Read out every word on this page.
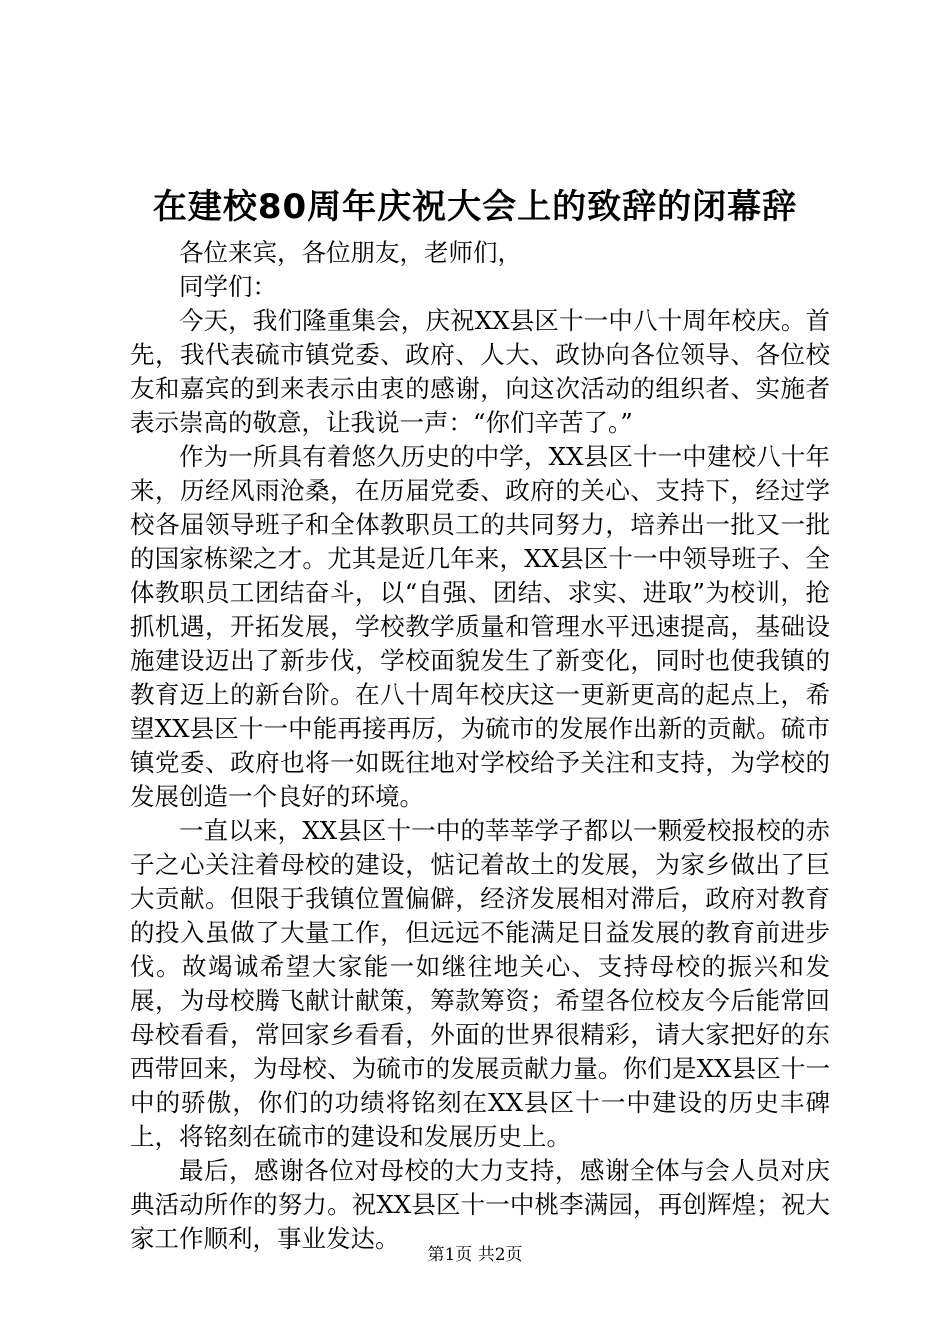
在建校80周年庆祝大会上的致辞的闭幕辞

各位来宾，各位朋友，老师们，

同学们：

今天，我们隆重集会，庆祝XX县区十一中八十周年校庆。首先，我代表硫市镇党委、政府、人大、政协向各位领导、各位校友和嘉宾的到来表示由衷的感谢，向这次活动的组织者、实施者表示崇高的敬意，让我说一声：“你们辛苦了。”

作为一所具有着悠久历史的中学，XX县区十一中建校八十年来，历经风雨沧桑，在历届党委、政府的关心、支持下，经过学校各届领导班子和全体教职员工的共同努力，培养出一批又一批的国家栋梁之才。尤其是近几年来，XX县区十一中领导班子、全体教职员工团结奋斗，以“自强、团结、求实、进取”为校训，抢抓机遇，开拓发展，学校教学质量和管理水平迅速提高，基础设施建设迈出了新步伐，学校面貌发生了新变化，同时也使我镇的教育迈上的新台阶。在八十周年校庆这一更新更高的起点上，希望XX县区十一中能再接再厉，为硫市的发展作出新的贡献。硫市镇党委、政府也将一如既往地对学校给予关注和支持，为学校的发展创造一个良好的环境。

一直以来，XX县区十一中的莘莘学子都以一颗爱校报校的赤子之心关注着母校的建设，惦记着故土的发展，为家乡做出了巨大贡献。但限于我镇位置偏僻，经济发展相对滞后，政府对教育的投入虽做了大量工作，但远远不能满足日益发展的教育前进步伐。故竭诚希望大家能一如继往地关心、支持母校的振兴和发展，为母校腾飞献计献策，筹款筹资；希望各位校友今后能常回母校看看，常回家乡看看，外面的世界很精彩，请大家把好的东西带回来，为母校、为硫市的发展贡献力量。你们是XX县区十一中的骄傲，你们的功绩将铭刻在XX县区十一中建设的历史丰碑上，将铭刻在硫市的建设和发展历史上。

最后，感谢各位对母校的大力支持，感谢全体与会人员对庆典活动所作的努力。祝XX县区十一中桃李满园，再创辉煌；祝大家工作顺利，事业发达。

第1页 共2页
